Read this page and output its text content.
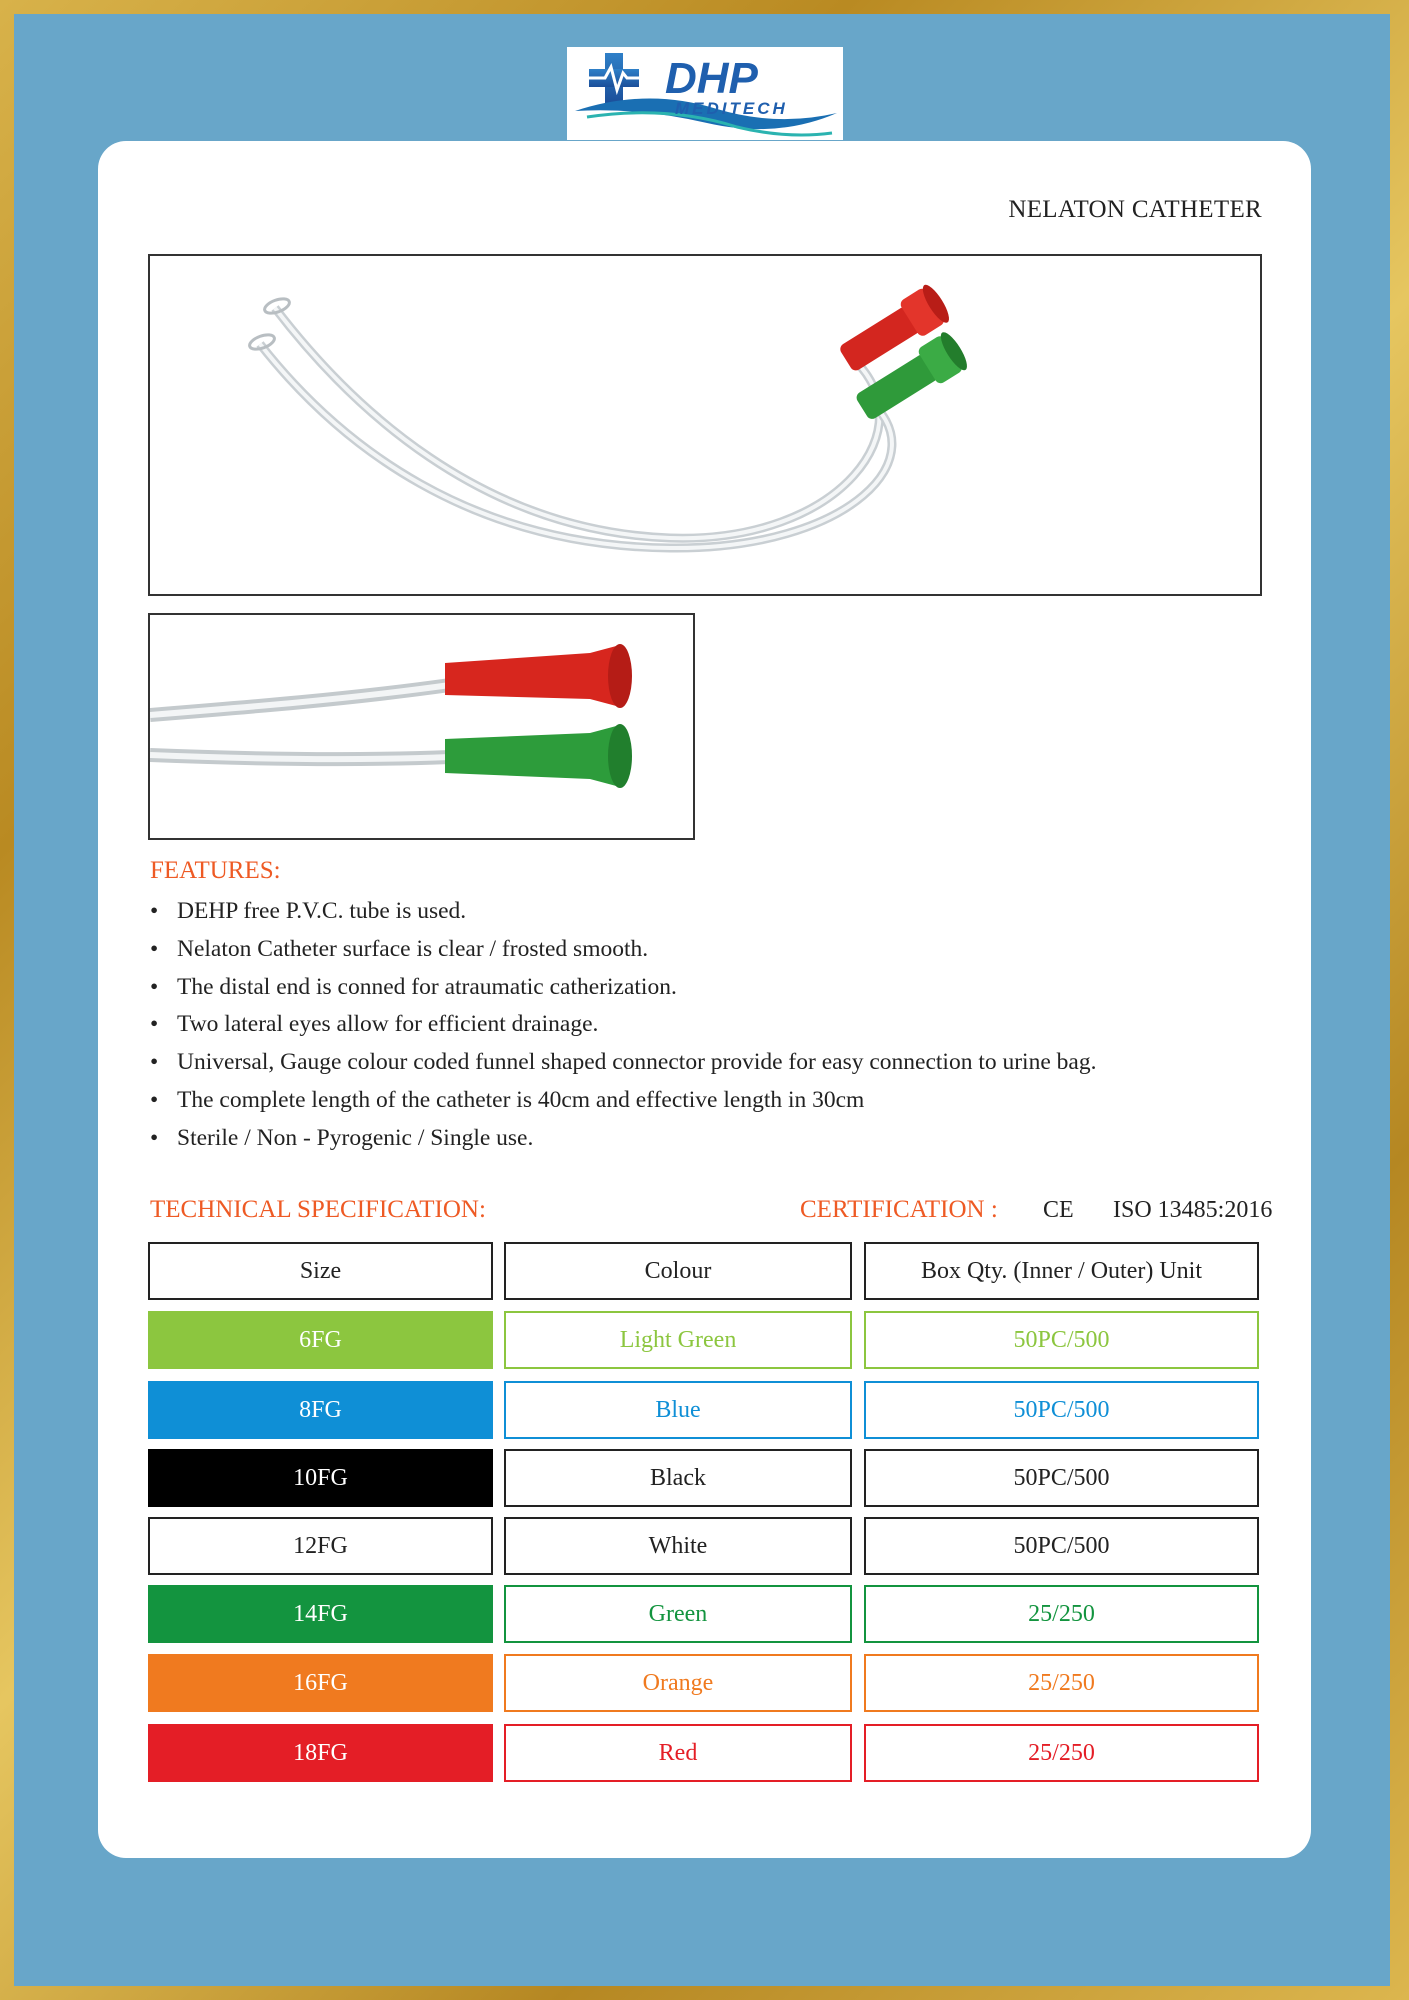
DHP
MEDITECH
NELATON CATHETER
FEATURES:
• DEHP free P.V.C. tube is used.
• Nelaton Catheter surface is clear / frosted smooth.
• The distal end is conned for atraumatic catherization.
• Two lateral eyes allow for efficient drainage.
• Universal, Gauge colour coded funnel shaped connector provide for easy connection to urine bag.
• The complete length of the catheter is 40cm and effective length in 30cm
• Sterile / Non - Pyrogenic / Single use.
TECHNICAL SPECIFICATION:	CERTIFICATION : CE ISO 13485:2016
Size	Colour	Box Qty. (Inner / Outer) Unit
6FG	Light Green	50PC/500
8FG	Blue	50PC/500
10FG	Black	50PC/500
12FG	White	50PC/500
14FG	Green	25/250
16FG	Orange	25/250
18FG	Red	25/250
